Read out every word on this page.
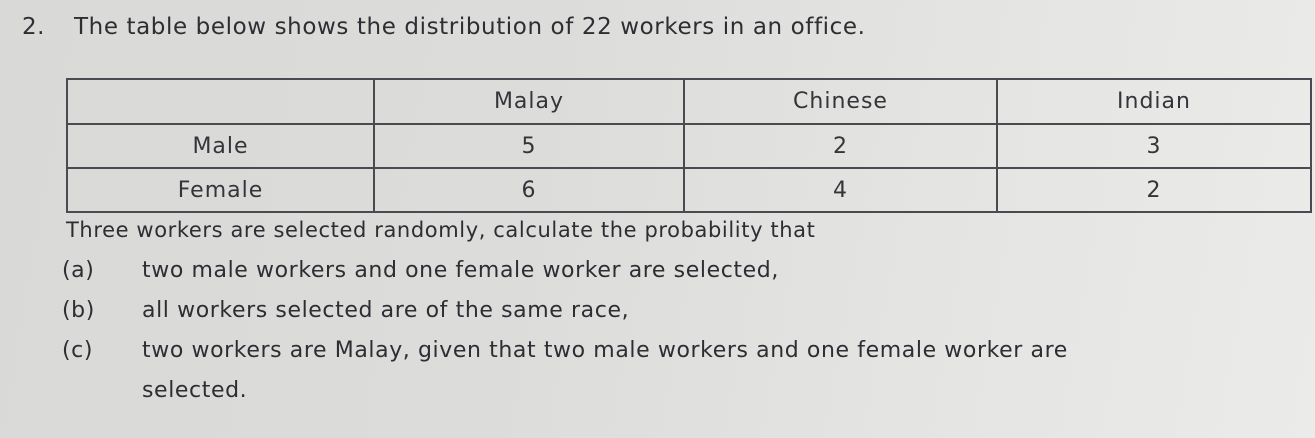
2. The table below shows the distribution of 22 workers in an office.
	Malay	Chinese	Indian
Male	5	2	3
Female	6	4	2
Three workers are selected randomly, calculate the probability that
(a) two male workers and one female worker are selected,
(b) all workers selected are of the same race,
(c) two workers are Malay, given that two male workers and one female worker are
selected.
